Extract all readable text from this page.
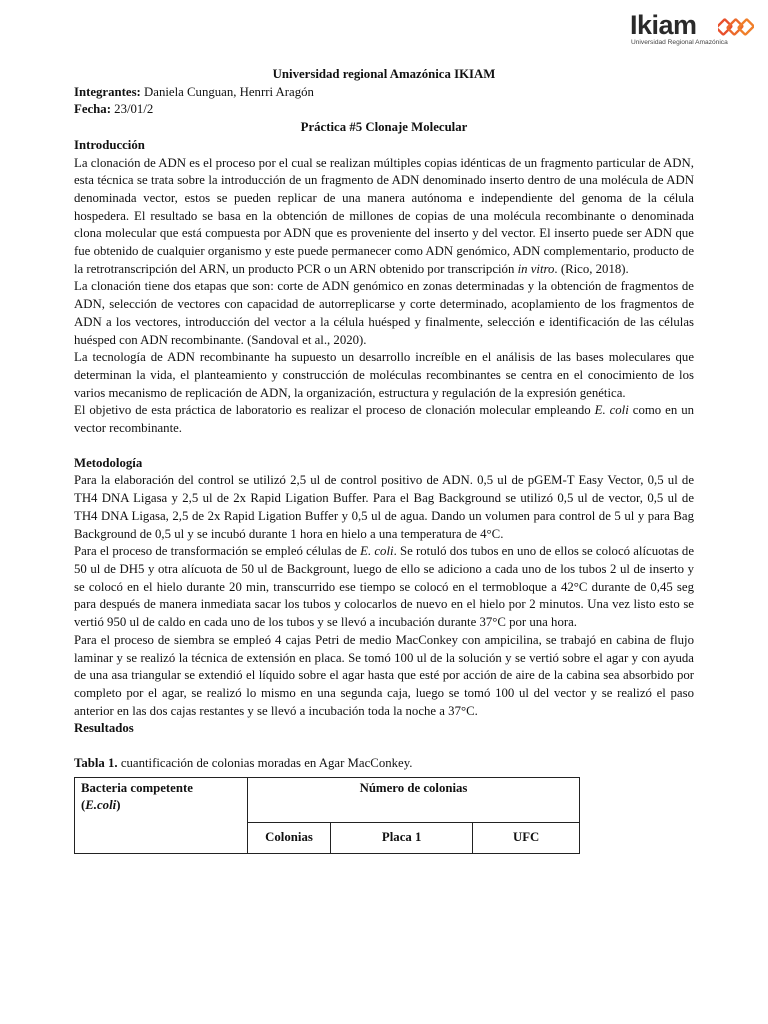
Ikiam
Universidad Regional Amazónica
Universidad regional Amazónica IKIAM
Integrantes: Daniela Cunguan, Henrri Aragón
Fecha: 23/01/2
Práctica #5 Clonaje Molecular
Introducción

La clonación de ADN es el proceso por el cual se realizan múltiples copias idénticas de un fragmento particular de ADN, esta técnica se trata sobre la introducción de un fragmento de ADN denominado inserto dentro de una molécula de ADN denominada vector, estos se pueden replicar de una manera autónoma e independiente del genoma de la célula hospedera. El resultado se basa en la obtención de millones de copias de una molécula recombinante o denominada clona molecular que está compuesta por ADN que es proveniente del inserto y del vector. El inserto puede ser ADN que fue obtenido de cualquier organismo y este puede permanecer como ADN genómico, ADN complementario, producto de la retrotranscripción del ARN, un producto PCR o un ARN obtenido por transcripción in vitro. (Rico, 2018).

La clonación tiene dos etapas que son: corte de ADN genómico en zonas determinadas y la obtención de fragmentos de ADN, selección de vectores con capacidad de autorreplicarse y corte determinado, acoplamiento de los fragmentos de ADN a los vectores, introducción del vector a la célula huésped y finalmente, selección e identificación de las células huésped con ADN recombinante. (Sandoval et al., 2020).

La tecnología de ADN recombinante ha supuesto un desarrollo increíble en el análisis de las bases moleculares que determinan la vida, el planteamiento y construcción de moléculas recombinantes se centra en el conocimiento de los varios mecanismo de replicación de ADN, la organización, estructura y regulación de la expresión genética.

El objetivo de esta práctica de laboratorio es realizar el proceso de clonación molecular empleando E. coli como en un vector recombinante.

Metodología

Para la elaboración del control se utilizó 2,5 ul de control positivo de ADN. 0,5 ul de pGEM-T Easy Vector, 0,5 ul de TH4 DNA Ligasa y 2,5 ul de 2x Rapid Ligation Buffer. Para el Bag Background se utilizó 0,5 ul de vector, 0,5 ul de TH4 DNA Ligasa, 2,5 de 2x Rapid Ligation Buffer y 0,5 ul de agua. Dando un volumen para control de 5 ul y para Bag Background de 0,5 ul y se incubó durante 1 hora en hielo a una temperatura de 4°C.

Para el proceso de transformación se empleó células de E. coli. Se rotuló dos tubos en uno de ellos se colocó alícuotas de 50 ul de DH5 y otra alícuota de 50 ul de Backgrount, luego de ello se adiciono a cada uno de los tubos 2 ul de inserto y se colocó en el hielo durante 20 min, transcurrido ese tiempo se colocó en el termobloque a 42°C durante de 0,45 seg para después de manera inmediata sacar los tubos y colocarlos de nuevo en el hielo por 2 minutos. Una vez listo esto se vertió 950 ul de caldo en cada uno de los tubos y se llevó a incubación durante 37°C por una hora.

Para el proceso de siembra se empleó 4 cajas Petri de medio MacConkey con ampicilina, se trabajó en cabina de flujo laminar y se realizó la técnica de extensión en placa. Se tomó 100 ul de la solución y se vertió sobre el agar y con ayuda de una asa triangular se extendió el líquido sobre el agar hasta que esté por acción de aire de la cabina sea absorbido por completo por el agar, se realizó lo mismo en una segunda caja, luego se tomó 100 ul del vector y se realizó el paso anterior en las dos cajas restantes y se llevó a incubación toda la noche a 37°C.

Resultados
Tabla 1. cuantificación de colonias moradas en Agar MacConkey.
Bacteria competente
(E.coli)	Número de colonias		
	Colonias	Placa 1	UFC
